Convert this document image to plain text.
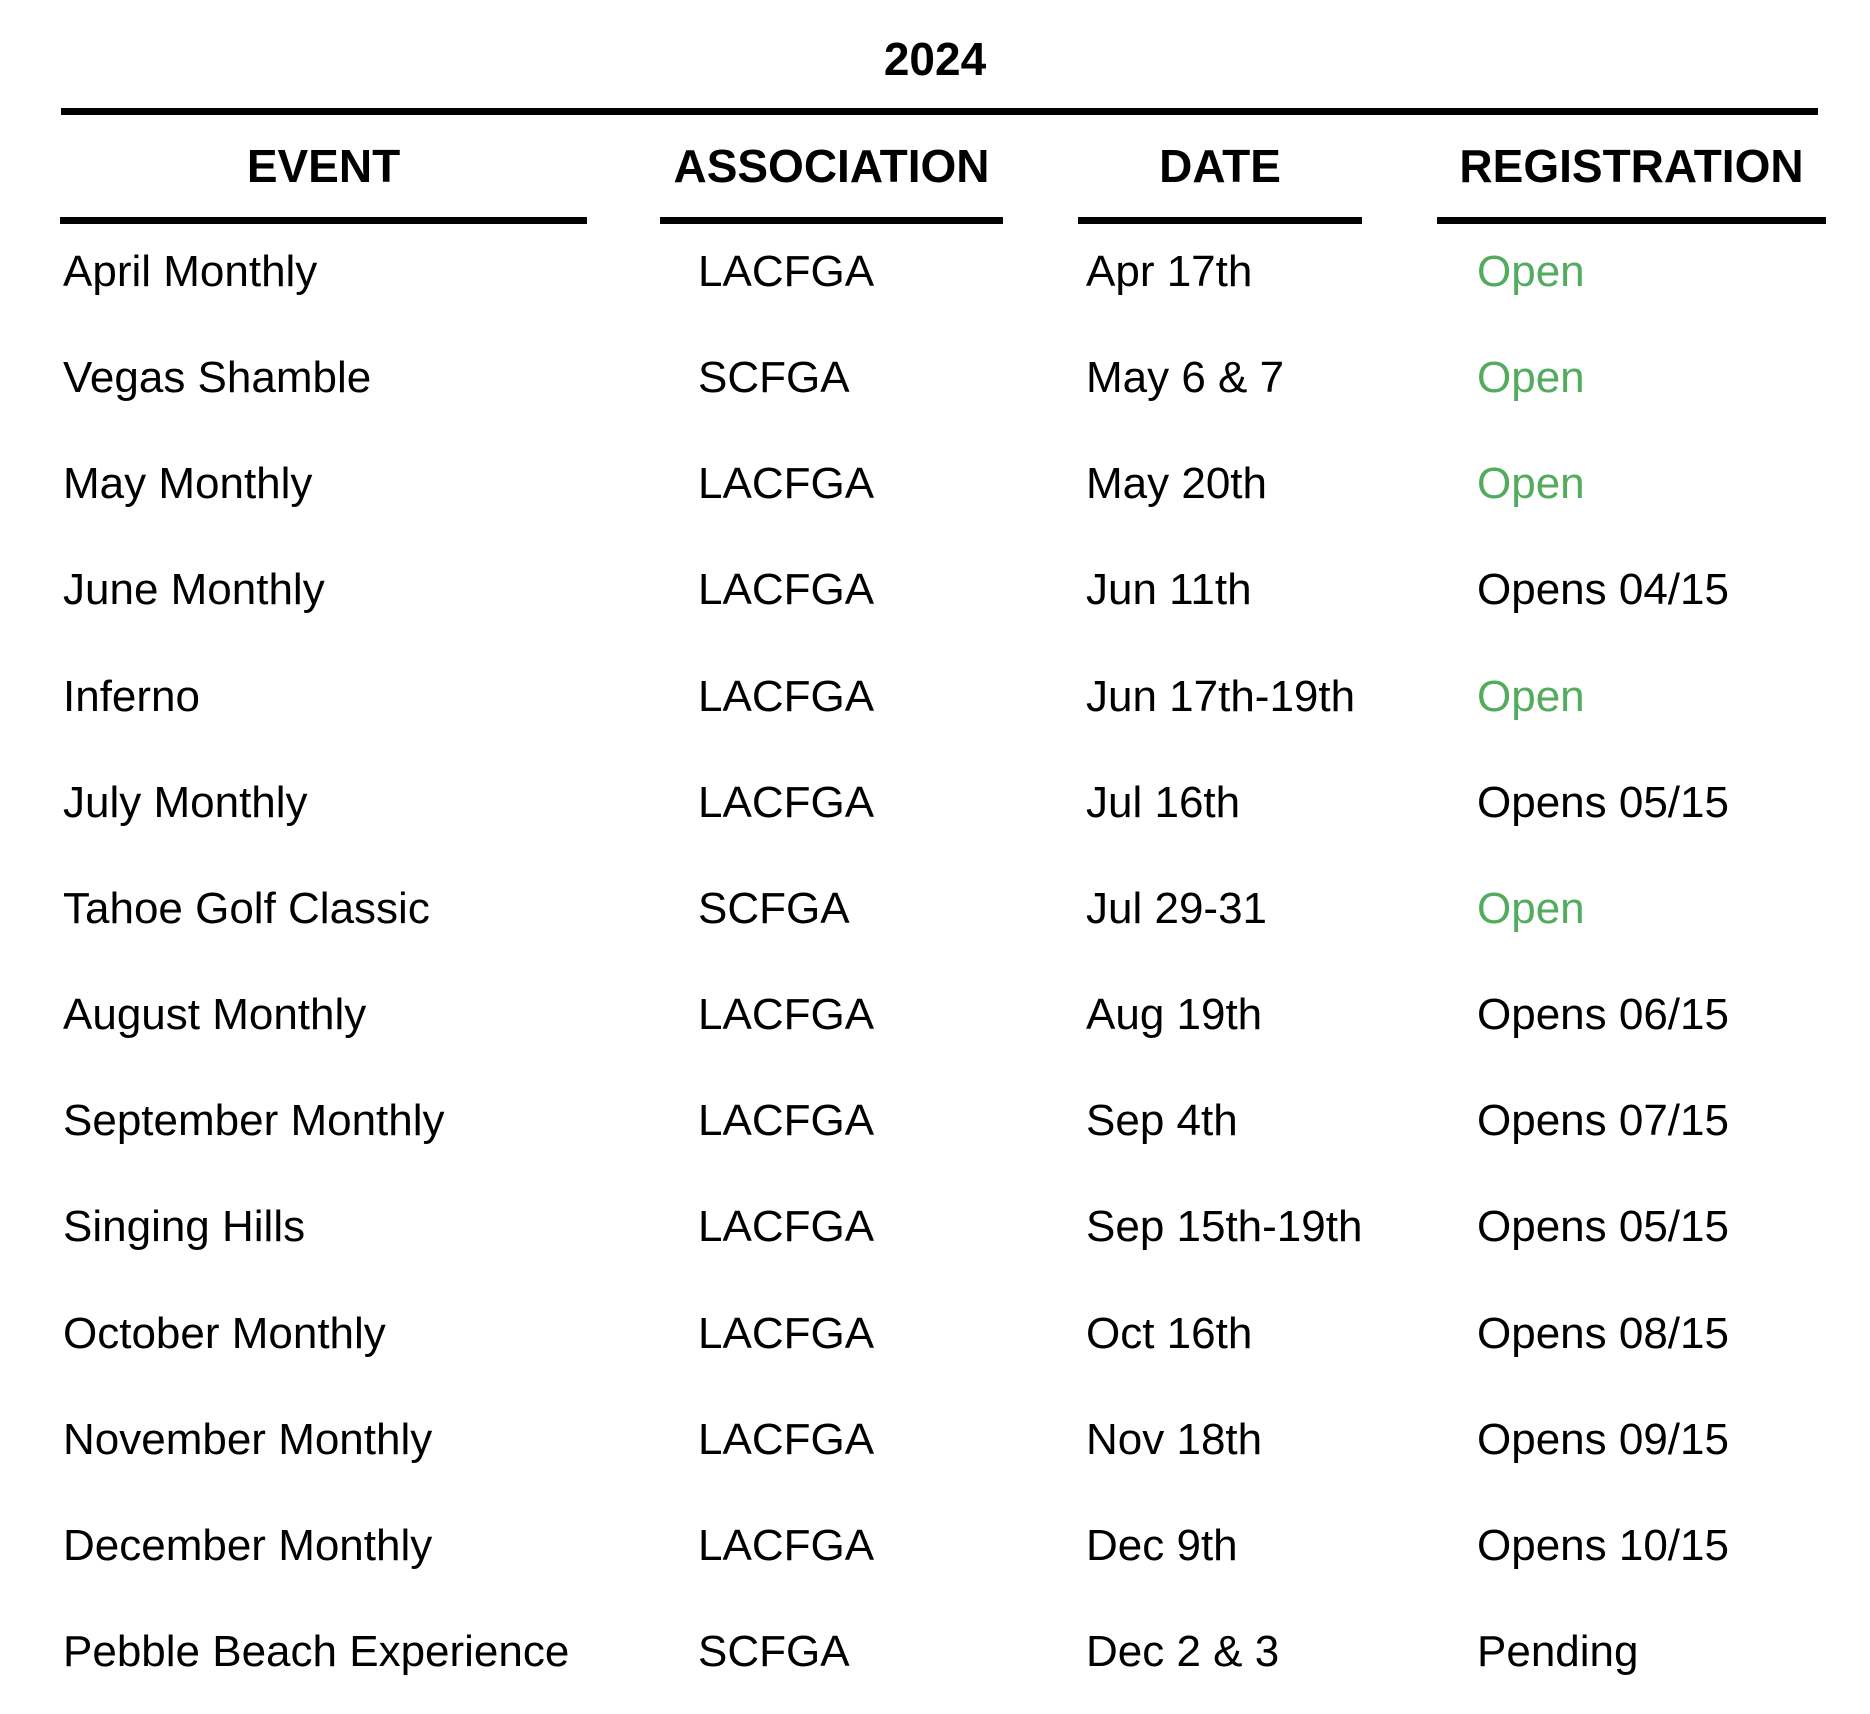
2024
EVENT	ASSOCIATION	DATE	REGISTRATION
April Monthly	LACFGA	Apr 17th	Open
Vegas Shamble	SCFGA	May 6 & 7	Open
May Monthly	LACFGA	May 20th	Open
June Monthly	LACFGA	Jun 11th	Opens 04/15
Inferno	LACFGA	Jun 17th-19th	Open
July Monthly	LACFGA	Jul 16th	Opens 05/15
Tahoe Golf Classic	SCFGA	Jul 29-31	Open
August Monthly	LACFGA	Aug 19th	Opens 06/15
September Monthly	LACFGA	Sep 4th	Opens 07/15
Singing Hills	LACFGA	Sep 15th-19th	Opens 05/15
October Monthly	LACFGA	Oct 16th	Opens 08/15
November Monthly	LACFGA	Nov 18th	Opens 09/15
December Monthly	LACFGA	Dec 9th	Opens 10/15
Pebble Beach Experience	SCFGA	Dec 2 & 3	Pending
